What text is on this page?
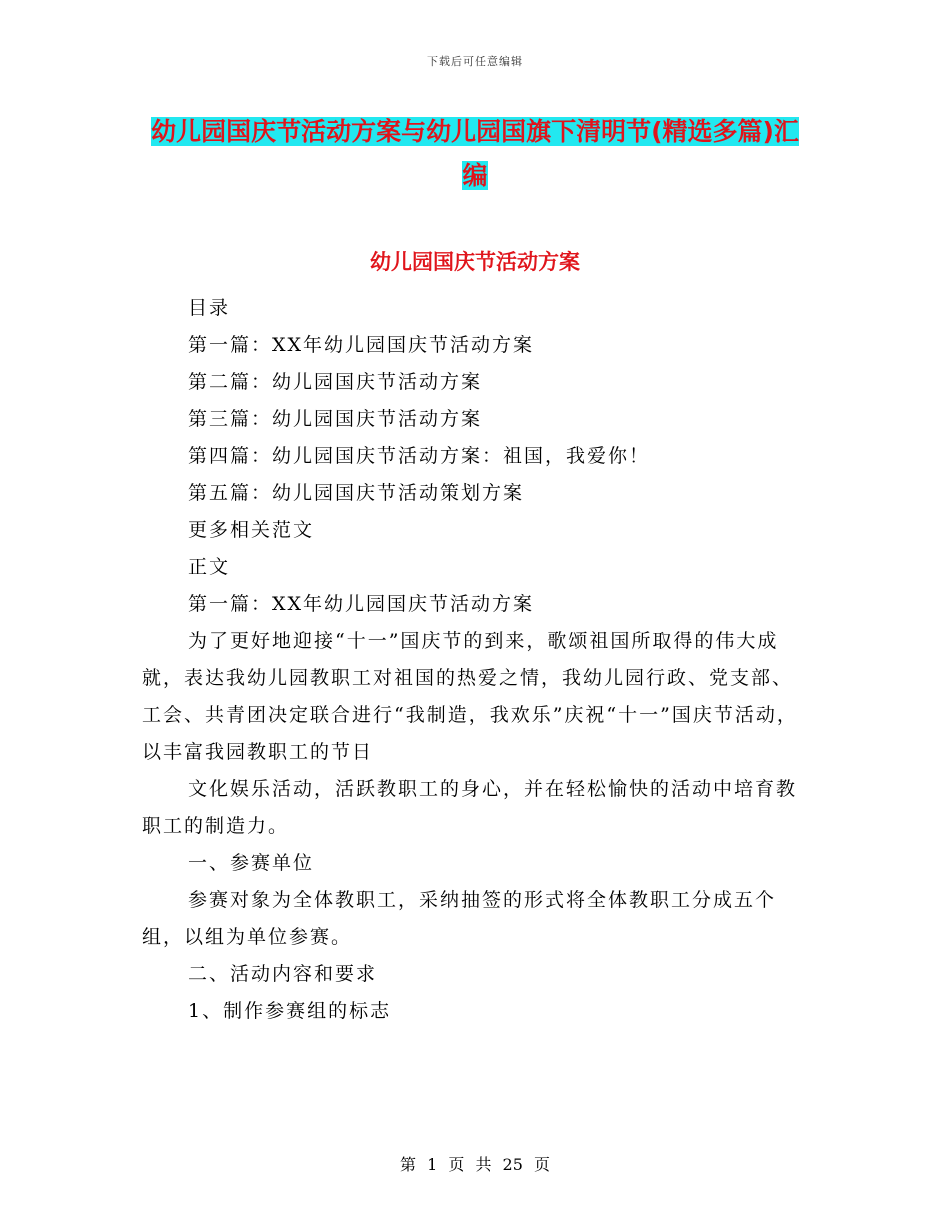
下载后可任意编辑
幼儿园国庆节活动方案与幼儿园国旗下清明节(精选多篇)汇编
幼儿园国庆节活动方案

目录

第一篇：XX年幼儿园国庆节活动方案

第二篇：幼儿园国庆节活动方案

第三篇：幼儿园国庆节活动方案

第四篇：幼儿园国庆节活动方案：祖国，我爱你！

第五篇：幼儿园国庆节活动策划方案

更多相关范文

正文

第一篇：XX年幼儿园国庆节活动方案

为了更好地迎接“十一”国庆节的到来，歌颂祖国所取得的伟大成就，表达我幼儿园教职工对祖国的热爱之情，我幼儿园行政、党支部、工会、共青团决定联合进行“我制造，我欢乐”庆祝“十一”国庆节活动，以丰富我园教职工的节日

文化娱乐活动，活跃教职工的身心，并在轻松愉快的活动中培育教职工的制造力。

一、参赛单位

参赛对象为全体教职工，采纳抽签的形式将全体教职工分成五个组，以组为单位参赛。

二、活动内容和要求

1、制作参赛组的标志

第 1 页 共 25 页
